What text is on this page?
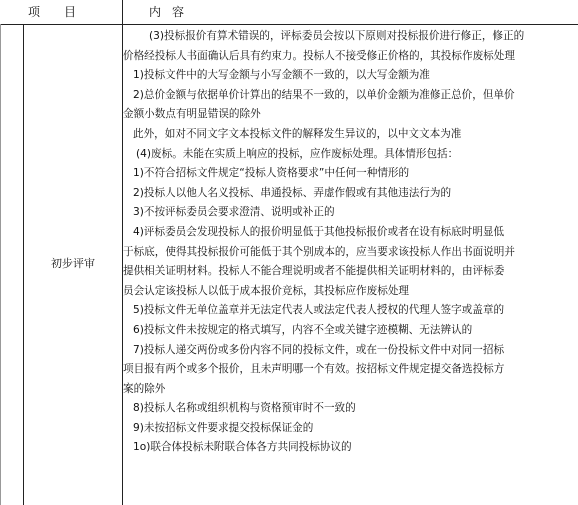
项 目	内 容
初步评审

(3)投标报价有算术错误的，评标委员会按以下原则对投标报价进行修正，修正的

价格经投标人书面确认后具有约束力。投标人不接受修正价格的，其投标作废标处理

1)投标文件中的大写金额与小写金额不一致的，以大写金额为准

2)总价金额与依据单价计算出的结果不一致的，以单价金额为准修正总价，但单价

金额小数点有明显错误的除外

此外，如对不同文字文本投标文件的解释发生异议的，以中文文本为准

(4)废标。未能在实质上响应的投标，应作废标处理。具体情形包括：

1)不符合招标文件规定“投标人资格要求”中任何一种情形的

2)投标人以他人名义投标、串通投标、弄虚作假或有其他违法行为的

3)不按评标委员会要求澄清、说明或补正的

4)评标委员会发现投标人的报价明显低于其他投标报价或者在设有标底时明显低

于标底，使得其投标报价可能低于其个别成本的，应当要求该投标人作出书面说明并

提供相关证明材料。投标人不能合理说明或者不能提供相关证明材料的，由评标委

员会认定该投标人以低于成本报价竞标，其投标应作废标处理

5)投标文件无单位盖章并无法定代表人或法定代表人授权的代理人签字或盖章的

6)投标文件未按规定的格式填写，内容不全或关键字迹模糊、无法辨认的

7)投标人递交两份或多份内容不同的投标文件，或在一份投标文件中对同一招标

项目报有两个或多个报价，且未声明哪一个有效。按招标文件规定提交备选投标方

案的除外

8)投标人名称或组织机构与资格预审时不一致的

9)未按招标文件要求提交投标保证金的

1o)联合体投标未附联合体各方共同投标协议的
